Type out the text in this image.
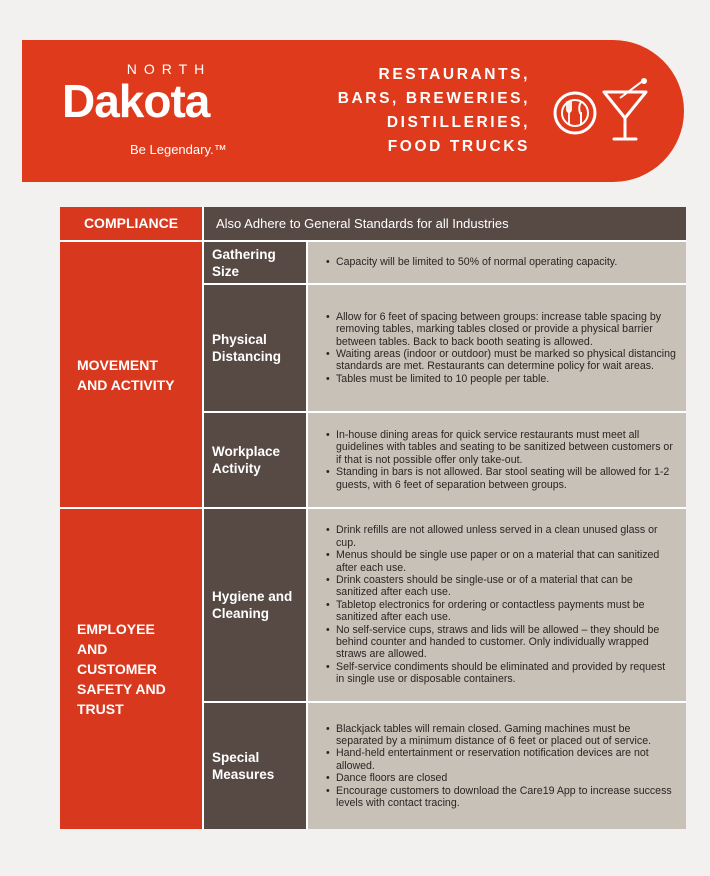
NORTH
Dakota
Be Legendary.™
RESTAURANTS,
BARS, BREWERIES,
DISTILLERIES,
FOOD TRUCKS
COMPLIANCE	Also Adhere to General Standards for all Industries
MOVEMENT AND ACTIVITY
Gathering Size
• Capacity will be limited to 50% of normal operating capacity.
Physical Distancing
• Allow for 6 feet of spacing between groups: increase table spacing by removing tables, marking tables closed or provide a physical barrier between tables. Back to back booth seating is allowed.
• Waiting areas (indoor or outdoor) must be marked so physical distancing standards are met. Restaurants can determine policy for wait areas.
• Tables must be limited to 10 people per table.
Workplace Activity
• In-house dining areas for quick service restaurants must meet all guidelines with tables and seating to be sanitized between customers or if that is not possible offer only take-out.
• Standing in bars is not allowed. Bar stool seating will be allowed for 1-2 guests, with 6 feet of separation between groups.
EMPLOYEE AND CUSTOMER SAFETY AND TRUST
Hygiene and Cleaning
• Drink refills are not allowed unless served in a clean unused glass or cup.
• Menus should be single use paper or on a material that can sanitized after each use.
• Drink coasters should be single-use or of a material that can be sanitized after each use.
• Tabletop electronics for ordering or contactless payments must be sanitized after each use.
• No self-service cups, straws and lids will be allowed – they should be behind counter and handed to customer. Only individually wrapped straws are allowed.
• Self-service condiments should be eliminated and provided by request in single use or disposable containers.
Special Measures
• Blackjack tables will remain closed. Gaming machines must be separated by a minimum distance of 6 feet or placed out of service.
• Hand-held entertainment or reservation notification devices are not allowed.
• Dance floors are closed
• Encourage customers to download the Care19 App to increase success levels with contact tracing.
